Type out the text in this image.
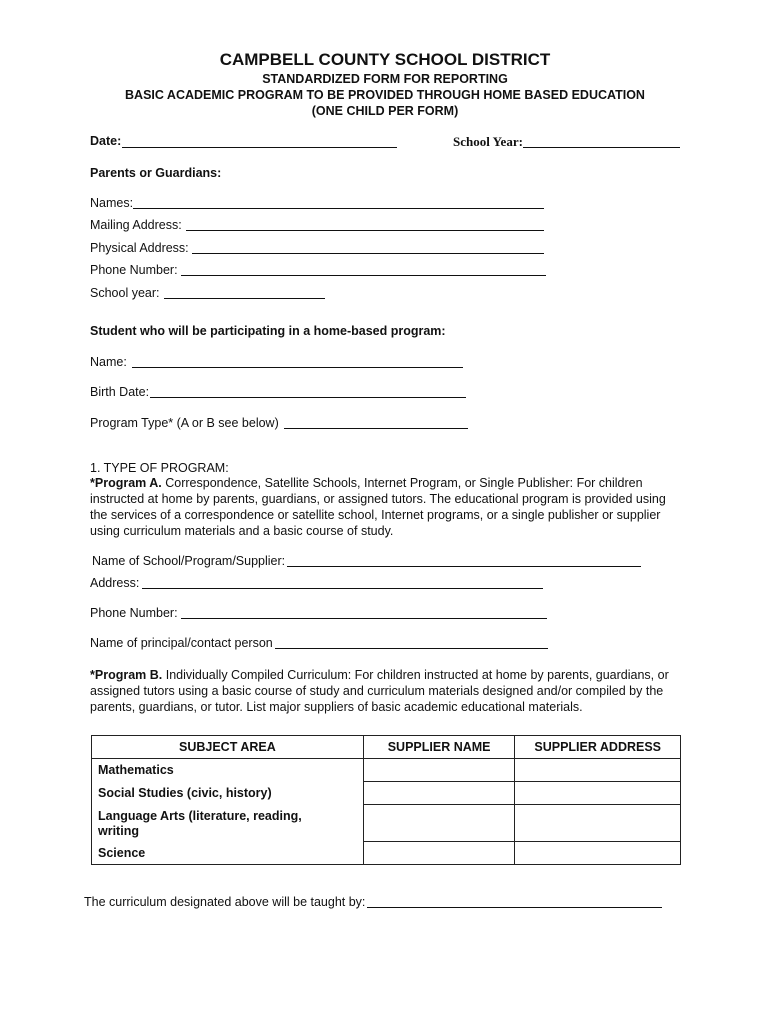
CAMPBELL COUNTY SCHOOL DISTRICT
STANDARDIZED FORM FOR REPORTING
BASIC ACADEMIC PROGRAM TO BE PROVIDED THROUGH HOME BASED EDUCATION
(ONE CHILD PER FORM)
Date:	School Year:
Parents or Guardians:
Names:
Mailing Address:
Physical Address:
Phone Number:
School year:
Student who will be participating in a home-based program:
Name:
Birth Date:
Program Type* (A or B see below)
1. TYPE OF PROGRAM:
*Program A. Correspondence, Satellite Schools, Internet Program, or Single Publisher: For children instructed at home by parents, guardians, or assigned tutors. The educational program is provided using the services of a correspondence or satellite school, Internet programs, or a single publisher or supplier using curriculum materials and a basic course of study.
Name of School/Program/Supplier:
Address:
Phone Number:
Name of principal/contact person
*Program B. Individually Compiled Curriculum: For children instructed at home by parents, guardians, or assigned tutors using a basic course of study and curriculum materials designed and/or compiled by the parents, guardians, or tutor. List major suppliers of basic academic educational materials.
SUBJECT AREA	SUPPLIER NAME	SUPPLIER ADDRESS

Mathematics		

Social Studies (civic, history)		

Language Arts (literature, reading, writing		

Science		

The curriculum designated above will be taught by:
